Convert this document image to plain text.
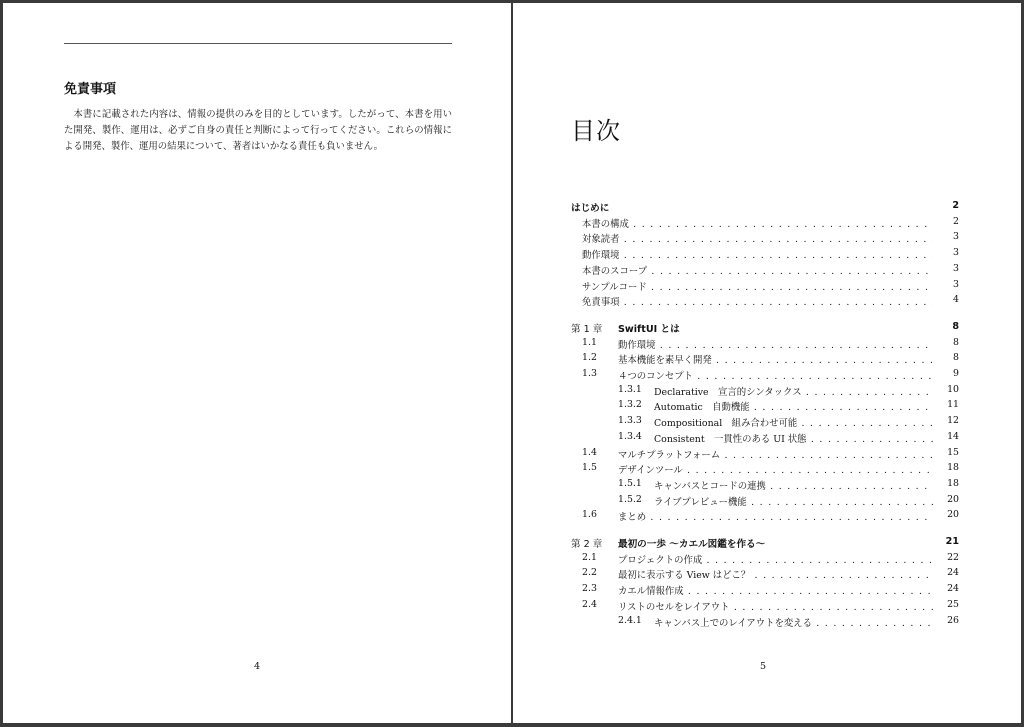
免責事項

本書に記載された内容は、情報の提供のみを目的としています。したがって、本書を用いた開発、製作、運用は、必ずご自身の責任と判断によって行ってください。これらの情報による開発、製作、運用の結果について、著者はいかなる責任も負いません。

4
目次
はじめに	2
本書の構成 . . .	2
対象読者 . . .	3
動作環境 . . .	3
本書のスコープ . . .	3
サンプルコード . . .	3
免責事項 . . .	4
第 1 章 SwiftUI とは	8
1.1 動作環境 . . .	8
1.2 基本機能を素早く開発 . . .	8
1.3 ４つのコンセプト . . .	9
1.3.1 Declarative　宣言的シンタックス . . .	10
1.3.2 Automatic　自動機能 . . .	11
1.3.3 Compositional　組み合わせ可能 . . .	12
1.3.4 Consistent　一貫性のある UI 状態 . . .	14
1.4 マルチプラットフォーム . . .	15
1.5 デザインツール . . .	18
1.5.1 キャンバスとコードの連携 . . .	18
1.5.2 ライブプレビュー機能 . . .	20
1.6 まとめ . . .	20
第 2 章 最初の一歩 〜カエル図鑑を作る〜	21
2.1 プロジェクトの作成 . . .	22
2.2 最初に表示する View はどこ？ . . .	24
2.3 カエル情報作成 . . .	24
2.4 リストのセルをレイアウト . . .	25
2.4.1 キャンバス上でのレイアウトを変える . . .	26
5
